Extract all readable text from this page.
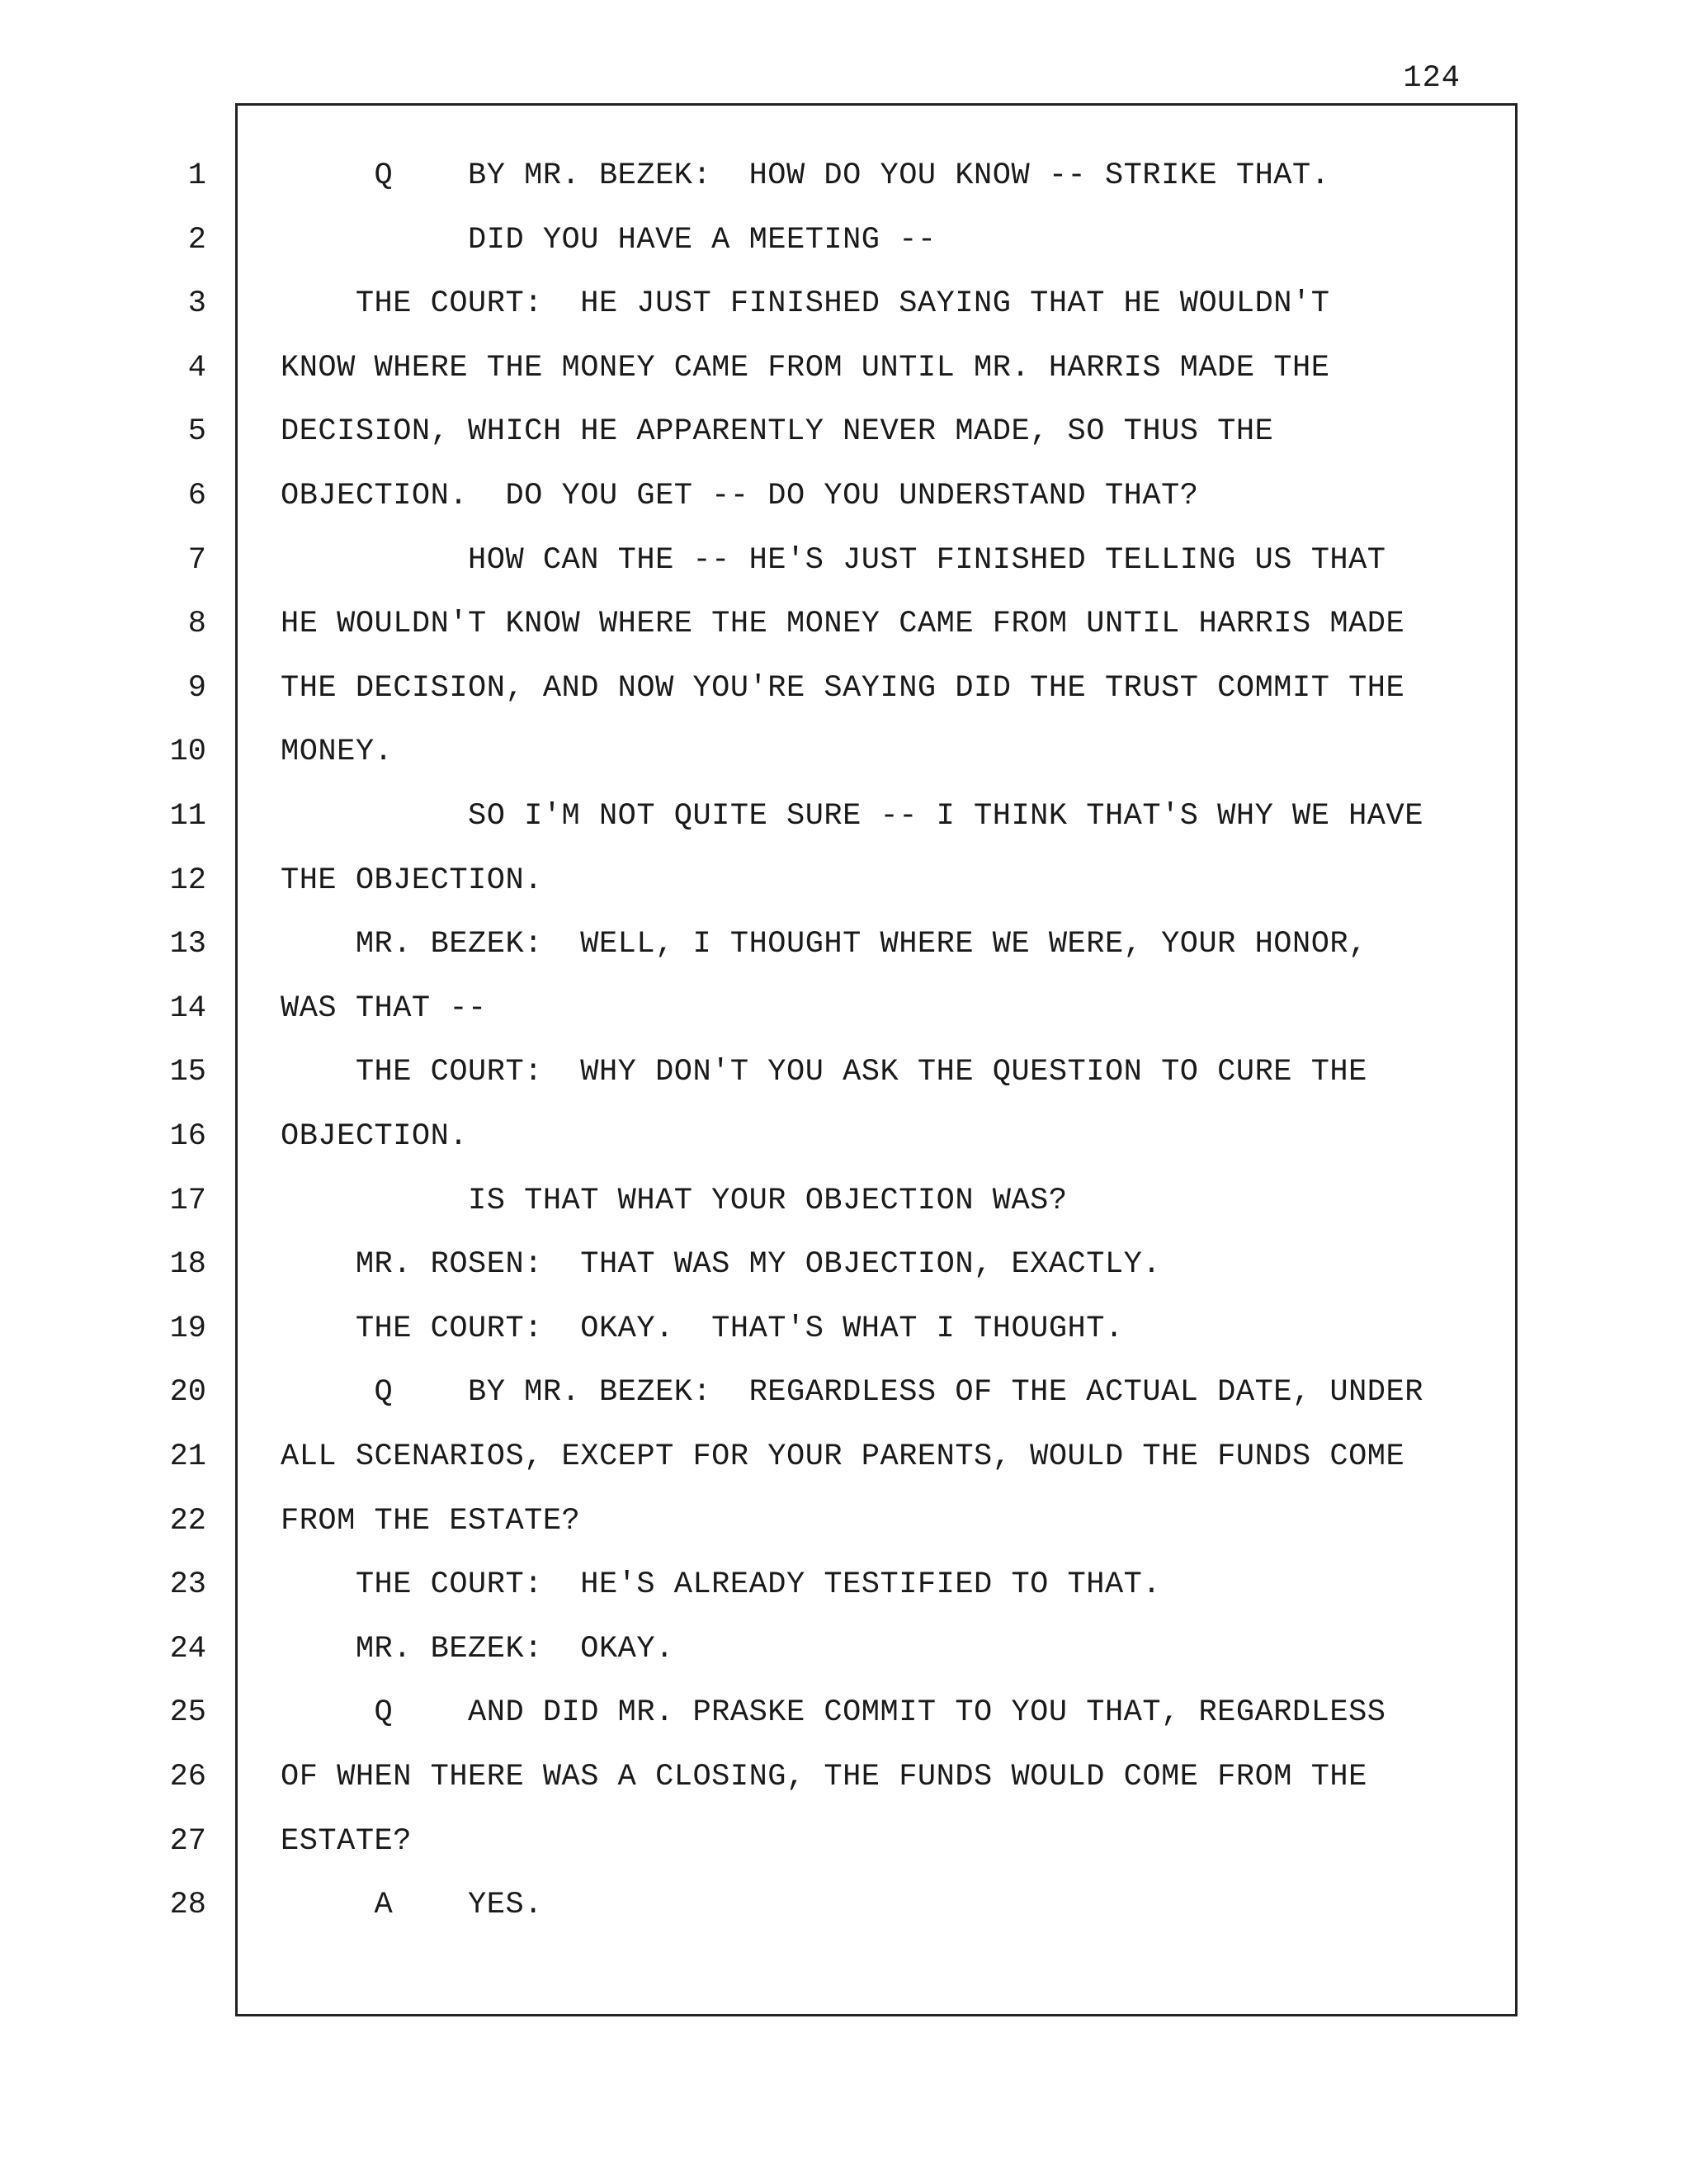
124
1
2
3
4
5
6
7
8
9
10
11
12
13
14
15
16
17
18
19
20
21
22
23
24
25
26
27
28
Q    BY MR. BEZEK:  HOW DO YOU KNOW -- STRIKE THAT.
DID YOU HAVE A MEETING --
THE COURT:  HE JUST FINISHED SAYING THAT HE WOULDN'T
KNOW WHERE THE MONEY CAME FROM UNTIL MR. HARRIS MADE THE
DECISION, WHICH HE APPARENTLY NEVER MADE, SO THUS THE
OBJECTION.  DO YOU GET -- DO YOU UNDERSTAND THAT?
HOW CAN THE -- HE'S JUST FINISHED TELLING US THAT
HE WOULDN'T KNOW WHERE THE MONEY CAME FROM UNTIL HARRIS MADE
THE DECISION, AND NOW YOU'RE SAYING DID THE TRUST COMMIT THE
MONEY.
SO I'M NOT QUITE SURE -- I THINK THAT'S WHY WE HAVE
THE OBJECTION.
MR. BEZEK:  WELL, I THOUGHT WHERE WE WERE, YOUR HONOR,
WAS THAT --
THE COURT:  WHY DON'T YOU ASK THE QUESTION TO CURE THE
OBJECTION.
IS THAT WHAT YOUR OBJECTION WAS?
MR. ROSEN:  THAT WAS MY OBJECTION, EXACTLY.
THE COURT:  OKAY.  THAT'S WHAT I THOUGHT.
Q    BY MR. BEZEK:  REGARDLESS OF THE ACTUAL DATE, UNDER
ALL SCENARIOS, EXCEPT FOR YOUR PARENTS, WOULD THE FUNDS COME
FROM THE ESTATE?
THE COURT:  HE'S ALREADY TESTIFIED TO THAT.
MR. BEZEK:  OKAY.
Q    AND DID MR. PRASKE COMMIT TO YOU THAT, REGARDLESS
OF WHEN THERE WAS A CLOSING, THE FUNDS WOULD COME FROM THE
ESTATE?
A    YES.
